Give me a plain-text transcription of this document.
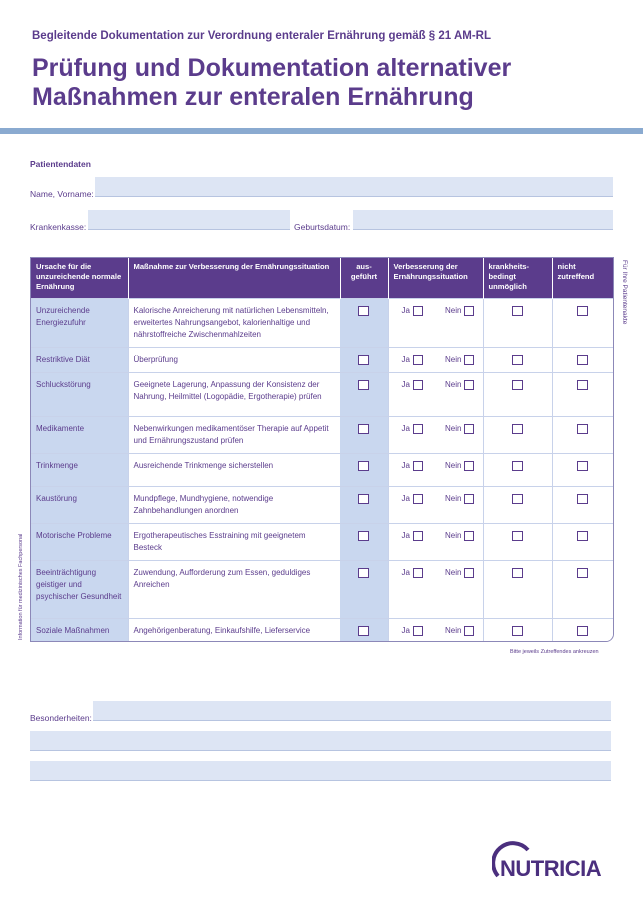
Begleitende Dokumentation zur Verordnung enteraler Ernährung gemäß § 21 AM-RL
Prüfung und Dokumentation alternativer
Maßnahmen zur enteralen Ernährung
Patientendaten
Name, Vorname:
Krankenkasse:	Geburtsdatum:
Ursache für die unzureichende normale Ernährung	Maßnahme zur Verbesserung der Ernährungssituation	aus-geführt	Verbesserung der Ernährungssituation	krankheits-bedingt unmöglich	nicht zutreffend
Unzureichende Energiezufuhr	Kalorische Anreicherung mit natürlichen Lebensmitteln, erweitertes Nahrungsangebot, kalorienhaltige und nährstoffreiche Zwischenmahlzeiten		Ja Nein		

Restriktive Diät	Überprüfung		Ja Nein		

Schluckstörung	Geeignete Lagerung, Anpassung der Konsistenz der Nahrung, Heilmittel (Logopädie, Ergotherapie) prüfen		Ja Nein		

Medikamente	Nebenwirkungen medikamentöser Therapie auf Appetit und Ernährungszustand prüfen		Ja Nein		

Trinkmenge	Ausreichende Trinkmenge sicherstellen		Ja Nein		

Kaustörung	Mundpflege, Mundhygiene, notwendige Zahnbehandlungen anordnen		Ja Nein		

Motorische Probleme	Ergotherapeutisches Esstraining mit geeignetem Besteck		Ja Nein		

Beeinträchtigung geistiger und psychischer Gesundheit	Zuwendung, Aufforderung zum Essen, geduldiges Anreichen		Ja Nein		

Soziale Maßnahmen	Angehörigenberatung, Einkaufshilfe, Lieferservice		Ja Nein		

Für Ihre Patientenakte
Information für medizinisches Fachpersonal
Bitte jeweils Zutreffendes ankreuzen
Besonderheiten:
NUTRICIA
